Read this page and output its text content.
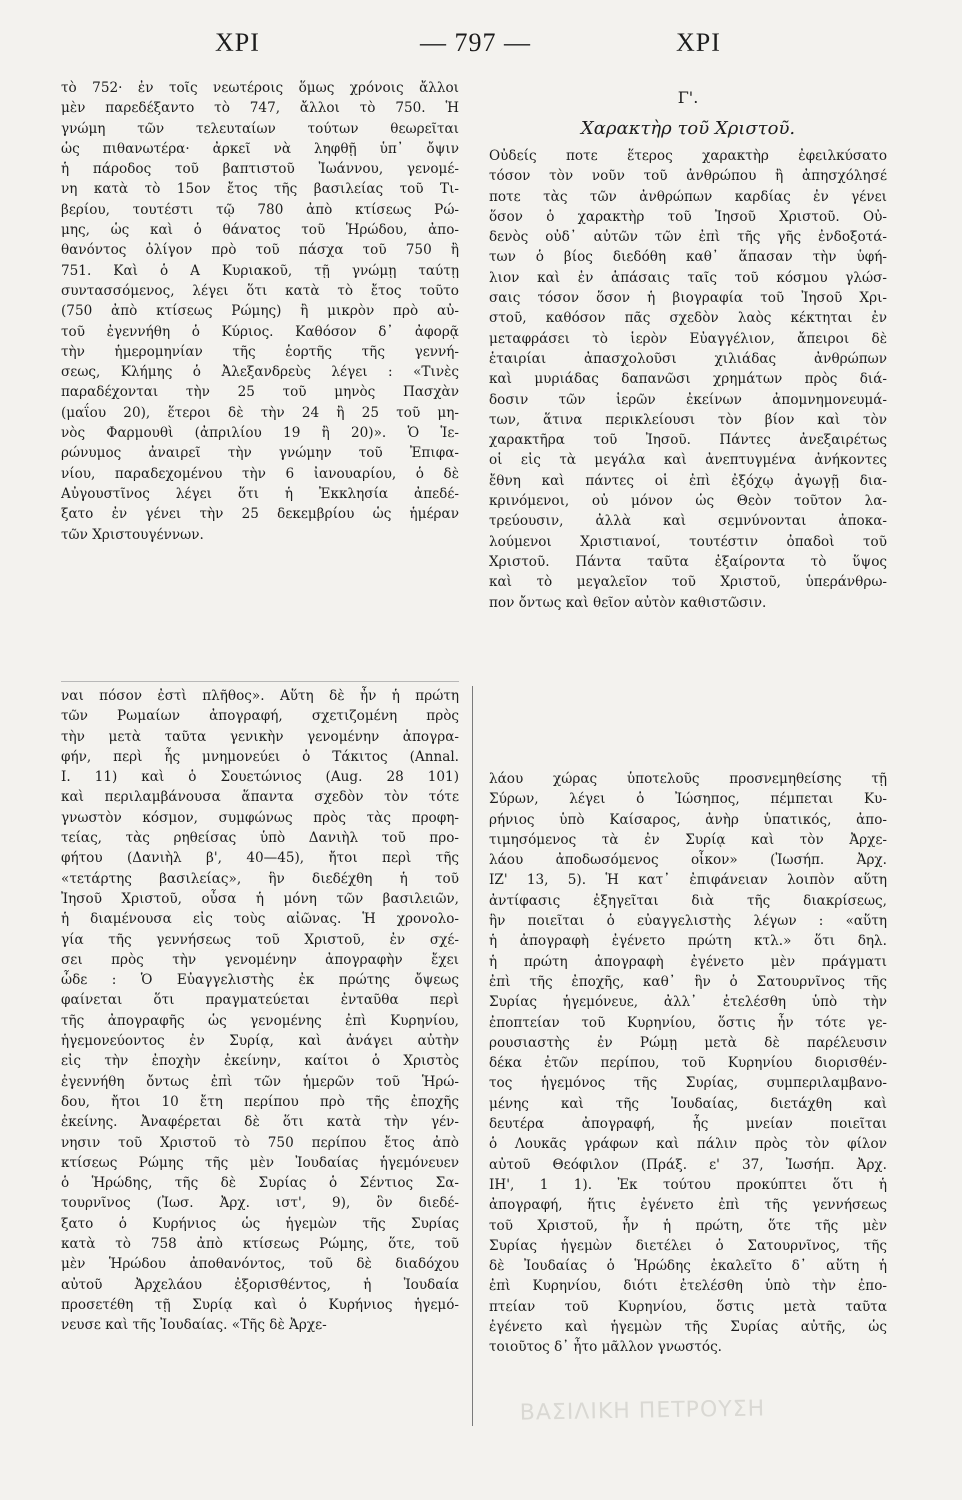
ΧΡΙ	— 797 —	ΧΡΙ
τὸ 752· ἐν τοῖς νεωτέροις ὅμως χρόνοις ἄλλοι
μὲν παρεδέξαντο τὸ 747, ἄλλοι τὸ 750. Ἡ
γνώμη τῶν τελευταίων τούτων θεωρεῖται
ὡς πιθανωτέρα· ἀρκεῖ νὰ ληφθῇ ὑπ᾿ ὄψιν
ἡ πάροδος τοῦ βαπτιστοῦ Ἰωάννου, γενομέ-
νη κατὰ τὸ 15ον ἔτος τῆς βασιλείας τοῦ Τι-
βερίου, τουτέστι τῷ 780 ἀπὸ κτίσεως Ρώ-
μης, ὡς καὶ ὁ θάνατος τοῦ Ἡρώδου, ἀπο-
θανόντος ὀλίγον πρὸ τοῦ πάσχα τοῦ 750 ἢ
751. Καὶ ὁ Α Κυριακοῦ, τῇ γνώμῃ ταύτῃ
συντασσόμενος, λέγει ὅτι κατὰ τὸ ἔτος τοῦτο
(750 ἀπὸ κτίσεως Ρώμης) ἢ μικρὸν πρὸ αὐ-
τοῦ ἐγεννήθη ὁ Κύριος. Καθόσον δ᾿ ἀφορᾷ
τὴν ἡμερομηνίαν τῆς ἑορτῆς τῆς γεννή-
σεως, Κλήμης ὁ Ἀλεξανδρεὺς λέγει : «Τινὲς
παραδέχονται τὴν 25 τοῦ μηνὸς Πασχὰν
(μαΐου 20), ἕτεροι δὲ τὴν 24 ἢ 25 τοῦ μη-
νὸς Φαρμουθὶ (ἀπριλίου 19 ἢ 20)». Ὁ Ἱε-
ρώνυμος ἀναιρεῖ τὴν γνώμην τοῦ Ἐπιφα-
νίου, παραδεχομένου τὴν 6 ἰανουαρίου, ὁ δὲ
Αὐγουστῖνος λέγει ὅτι ἡ Ἐκκλησία ἀπεδέ-
ξατο ἐν γένει τὴν 25 δεκεμβρίου ὡς ἡμέραν
τῶν Χριστουγέννων.
ναι πόσον ἐστὶ πλῆθος». Αὕτη δὲ ἦν ἡ πρώτη
τῶν Ρωμαίων ἀπογραφή, σχετιζομένη πρὸς
τὴν μετὰ ταῦτα γενικὴν γενομένην ἀπογρα-
φήν, περὶ ἧς μνημονεύει ὁ Τάκιτος (Annal.
I. 11) καὶ ὁ Σουετώνιος (Aug. 28 101)
καὶ περιλαμβάνουσα ἅπαντα σχεδὸν τὸν τότε
γνωστὸν κόσμον, συμφώνως πρὸς τὰς προφη-
τείας, τὰς ρηθείσας ὑπὸ Δανιὴλ τοῦ προ-
φήτου (Δανιὴλ β', 40—45), ἤτοι περὶ τῆς
«τετάρτης βασιλείας», ἣν διεδέχθη ἡ τοῦ
Ἰησοῦ Χριστοῦ, οὖσα ἡ μόνη τῶν βασιλειῶν,
ἡ διαμένουσα εἰς τοὺς αἰῶνας. Ἡ χρονολο-
γία τῆς γεννήσεως τοῦ Χριστοῦ, ἐν σχέ-
σει πρὸς τὴν γενομένην ἀπογραφὴν ἔχει
ὧδε : Ὁ Εὐαγγελιστὴς ἐκ πρώτης ὄψεως
φαίνεται ὅτι πραγματεύεται ἐνταῦθα περὶ
τῆς ἀπογραφῆς ὡς γενομένης ἐπὶ Κυρηνίου,
ἡγεμονεύοντος ἐν Συρίᾳ, καὶ ἀνάγει αὐτὴν
εἰς τὴν ἐποχὴν ἐκείνην, καίτοι ὁ Χριστὸς
ἐγεννήθη ὄντως ἐπὶ τῶν ἡμερῶν τοῦ Ἡρώ-
δου, ἤτοι 10 ἔτη περίπου πρὸ τῆς ἐποχῆς
ἐκείνης. Ἀναφέρεται δὲ ὅτι κατὰ τὴν γέν-
νησιν τοῦ Χριστοῦ τὸ 750 περίπου ἔτος ἀπὸ
κτίσεως Ρώμης τῆς μὲν Ἰουδαίας ἡγεμόνευεν
ὁ Ἡρώδης, τῆς δὲ Συρίας ὁ Σέντιος Σα-
τουρνῖνος (Ἰωσ. Ἀρχ. ιστ', 9), ὃν διεδέ-
ξατο ὁ Κυρήνιος ὡς ἡγεμὼν τῆς Συρίας
κατὰ τὸ 758 ἀπὸ κτίσεως Ρώμης, ὅτε, τοῦ
μὲν Ἡρώδου ἀποθανόντος, τοῦ δὲ διαδόχου
αὐτοῦ Ἀρχελάου ἐξορισθέντος, ἡ Ἰουδαία
προσετέθη τῇ Συρίᾳ καὶ ὁ Κυρήνιος ἡγεμό-
νευσε καὶ τῆς Ἰουδαίας. «Τῆς δὲ Ἀρχε-
Γ'.
Χαρακτὴρ τοῦ Χριστοῦ.
Οὐδείς ποτε ἕτερος χαρακτὴρ ἐφειλκύσατο
τόσον τὸν νοῦν τοῦ ἀνθρώπου ἢ ἀπησχόλησέ
ποτε τὰς τῶν ἀνθρώπων καρδίας ἐν γένει
ὅσον ὁ χαρακτὴρ τοῦ Ἰησοῦ Χριστοῦ. Οὐ-
δενὸς οὐδ᾿ αὐτῶν τῶν ἐπὶ τῆς γῆς ἐνδοξοτά-
των ὁ βίος διεδόθη καθ᾿ ἅπασαν τὴν ὑφή-
λιον καὶ ἐν ἁπάσαις ταῖς τοῦ κόσμου γλώσ-
σαις τόσον ὅσον ἡ βιογραφία τοῦ Ἰησοῦ Χρι-
στοῦ, καθόσον πᾶς σχεδὸν λαὸς κέκτηται ἐν
μεταφράσει τὸ ἱερὸν Εὐαγγέλιον, ἄπειροι δὲ
ἑταιρίαι ἀπασχολοῦσι χιλιάδας ἀνθρώπων
καὶ μυριάδας δαπανῶσι χρημάτων πρὸς διά-
δοσιν τῶν ἱερῶν ἐκείνων ἀπομνημονευμά-
των, ἅτινα περικλείουσι τὸν βίον καὶ τὸν
χαρακτῆρα τοῦ Ἰησοῦ. Πάντες ἀνεξαιρέτως
οἱ εἰς τὰ μεγάλα καὶ ἀνεπτυγμένα ἀνήκοντες
ἔθνη καὶ πάντες οἱ ἐπὶ ἐξόχῳ ἀγωγῇ δια-
κρινόμενοι, οὐ μόνον ὡς Θεὸν τοῦτον λα-
τρεύουσιν, ἀλλὰ καὶ σεμνύνονται ἀποκα-
λούμενοι Χριστιανοί, τουτέστιν ὀπαδοὶ τοῦ
Χριστοῦ. Πάντα ταῦτα ἐξαίροντα τὸ ὕψος
καὶ τὸ μεγαλεῖον τοῦ Χριστοῦ, ὑπεράνθρω-
πον ὄντως καὶ θεῖον αὐτὸν καθιστῶσιν.
λάου χώρας ὑποτελοῦς προσνεμηθείσης τῇ
Σύρων, λέγει ὁ Ἰώσηπος, πέμπεται Κυ-
ρήνιος ὑπὸ Καίσαρος, ἀνὴρ ὑπατικός, ἀπο-
τιμησόμενος τὰ ἐν Συρίᾳ καὶ τὸν Ἀρχε-
λάου ἀποδωσόμενος οἶκον» (Ἰωσήπ. Ἀρχ.
ΙΖ' 13, 5). Ἡ κατ᾿ ἐπιφάνειαν λοιπὸν αὕτη
ἀντίφασις ἐξηγεῖται διὰ τῆς διακρίσεως,
ἣν ποιεῖται ὁ εὐαγγελιστὴς λέγων : «αὕτη
ἡ ἀπογραφὴ ἐγένετο πρώτη κτλ.» ὅτι δηλ.
ἡ πρώτη ἀπογραφὴ ἐγένετο μὲν πράγματι
ἐπὶ τῆς ἐποχῆς, καθ᾿ ἣν ὁ Σατουρνῖνος τῆς
Συρίας ἡγεμόνευε, ἀλλ᾿ ἐτελέσθη ὑπὸ τὴν
ἐποπτείαν τοῦ Κυρηνίου, ὅστις ἦν τότε γε-
ρουσιαστὴς ἐν Ρώμῃ μετὰ δὲ παρέλευσιν
δέκα ἐτῶν περίπου, τοῦ Κυρηνίου διορισθέν-
τος ἡγεμόνος τῆς Συρίας, συμπεριλαμβανο-
μένης καὶ τῆς Ἰουδαίας, διετάχθη καὶ
δευτέρα ἀπογραφή, ἧς μνείαν ποιεῖται
ὁ Λουκᾶς γράφων καὶ πάλιν πρὸς τὸν φίλον
αὐτοῦ Θεόφιλον (Πράξ. ε' 37, Ἰωσήπ. Ἀρχ.
ΙΗ', 1 1). Ἐκ τούτου προκύπτει ὅτι ἡ
ἀπογραφή, ἥτις ἐγένετο ἐπὶ τῆς γεννήσεως
τοῦ Χριστοῦ, ἦν ἡ πρώτη, ὅτε τῆς μὲν
Συρίας ἡγεμὼν διετέλει ὁ Σατουρνῖνος, τῆς
δὲ Ἰουδαίας ὁ Ἡρώδης ἐκαλεῖτο δ᾿ αὕτη ἡ
ἐπὶ Κυρηνίου, διότι ἐτελέσθη ὑπὸ τὴν ἐπο-
πτείαν τοῦ Κυρηνίου, ὅστις μετὰ ταῦτα
ἐγένετο καὶ ἡγεμὼν τῆς Συρίας αὐτῆς, ὡς
τοιοῦτος δ᾿ ἦτο μᾶλλον γνωστός.
ΒΑΣΙΛΙΚΗ ΠΕΤΡΟΥΣΗ
